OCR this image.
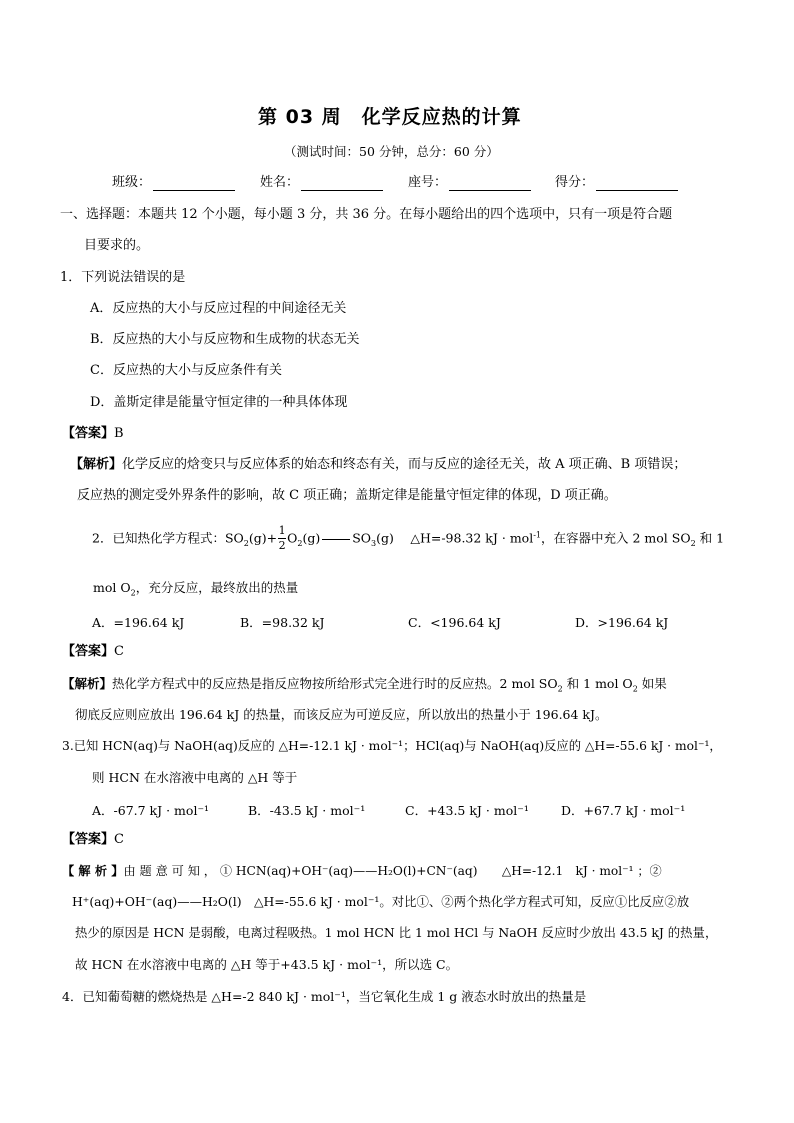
第 03 周　化学反应热的计算
（测试时间：50 分钟，总分：60 分）
班级：	姓名：	座号：	得分：
一、选择题：本题共 12 个小题，每小题 3 分，共 36 分。在每小题给出的四个选项中，只有一项是符合题
目要求的。
1．下列说法错误的是
A．反应热的大小与反应过程的中间途径无关
B．反应热的大小与反应物和生成物的状态无关
C．反应热的大小与反应条件有关
D．盖斯定律是能量守恒定律的一种具体体现
【答案】B
【解析】化学反应的焓变只与反应体系的始态和终态有关，而与反应的途径无关，故 A 项正确、B 项错误；
反应热的测定受外界条件的影响，故 C 项正确；盖斯定律是能量守恒定律的体现，D 项正确。
2．已知热化学方程式：$SO_2(g)+ \frac{1}{2} O_2(g)$	$SO_3(g)$　 △H=-98.32 kJ · mol$^{-1}$，在容器中充入 2 mol $SO_2$ 和 1
mol $O_2$，充分反应，最终放出的热量
A．=196.64 kJ	B．=98.32 kJ	C．<196.64 kJ	D．>196.64 kJ
【答案】C
【解析】热化学方程式中的反应热是指反应物按所给形式完全进行时的反应热。2 mol $SO_2$ 和 1 mol $O_2$ 如果
彻底反应则应放出 196.64 kJ 的热量，而该反应为可逆反应，所以放出的热量小于 196.64 kJ。
3.已知 HCN(aq)与 NaOH(aq)反应的 △H=-12.1 kJ · mol⁻¹；HCl(aq)与 NaOH(aq)反应的 △H=-55.6 kJ · mol⁻¹，
则 HCN 在水溶液中电离的 △H 等于
A．-67.7 kJ · mol⁻¹	B．-43.5 kJ · mol⁻¹	C．+43.5 kJ · mol⁻¹	D．+67.7 kJ · mol⁻¹
【答案】C
【 解 析 】由 题 意 可 知 ， ① HCN(aq)+OH⁻(aq)——H₂O(l)+CN⁻(aq)　　△H=-12.1　kJ · mol⁻¹ ；②
H⁺(aq)+OH⁻(aq)——H₂O(l)　△H=-55.6 kJ · mol⁻¹。对比①、②两个热化学方程式可知，反应①比反应②放
热少的原因是 HCN 是弱酸，电离过程吸热。1 mol HCN 比 1 mol HCl 与 NaOH 反应时少放出 43.5 kJ 的热量，
故 HCN 在水溶液中电离的 △H 等于+43.5 kJ · mol⁻¹，所以选 C。
4．已知葡萄糖的燃烧热是 △H=-2 840 kJ · mol⁻¹，当它氧化生成 1 g 液态水时放出的热量是
